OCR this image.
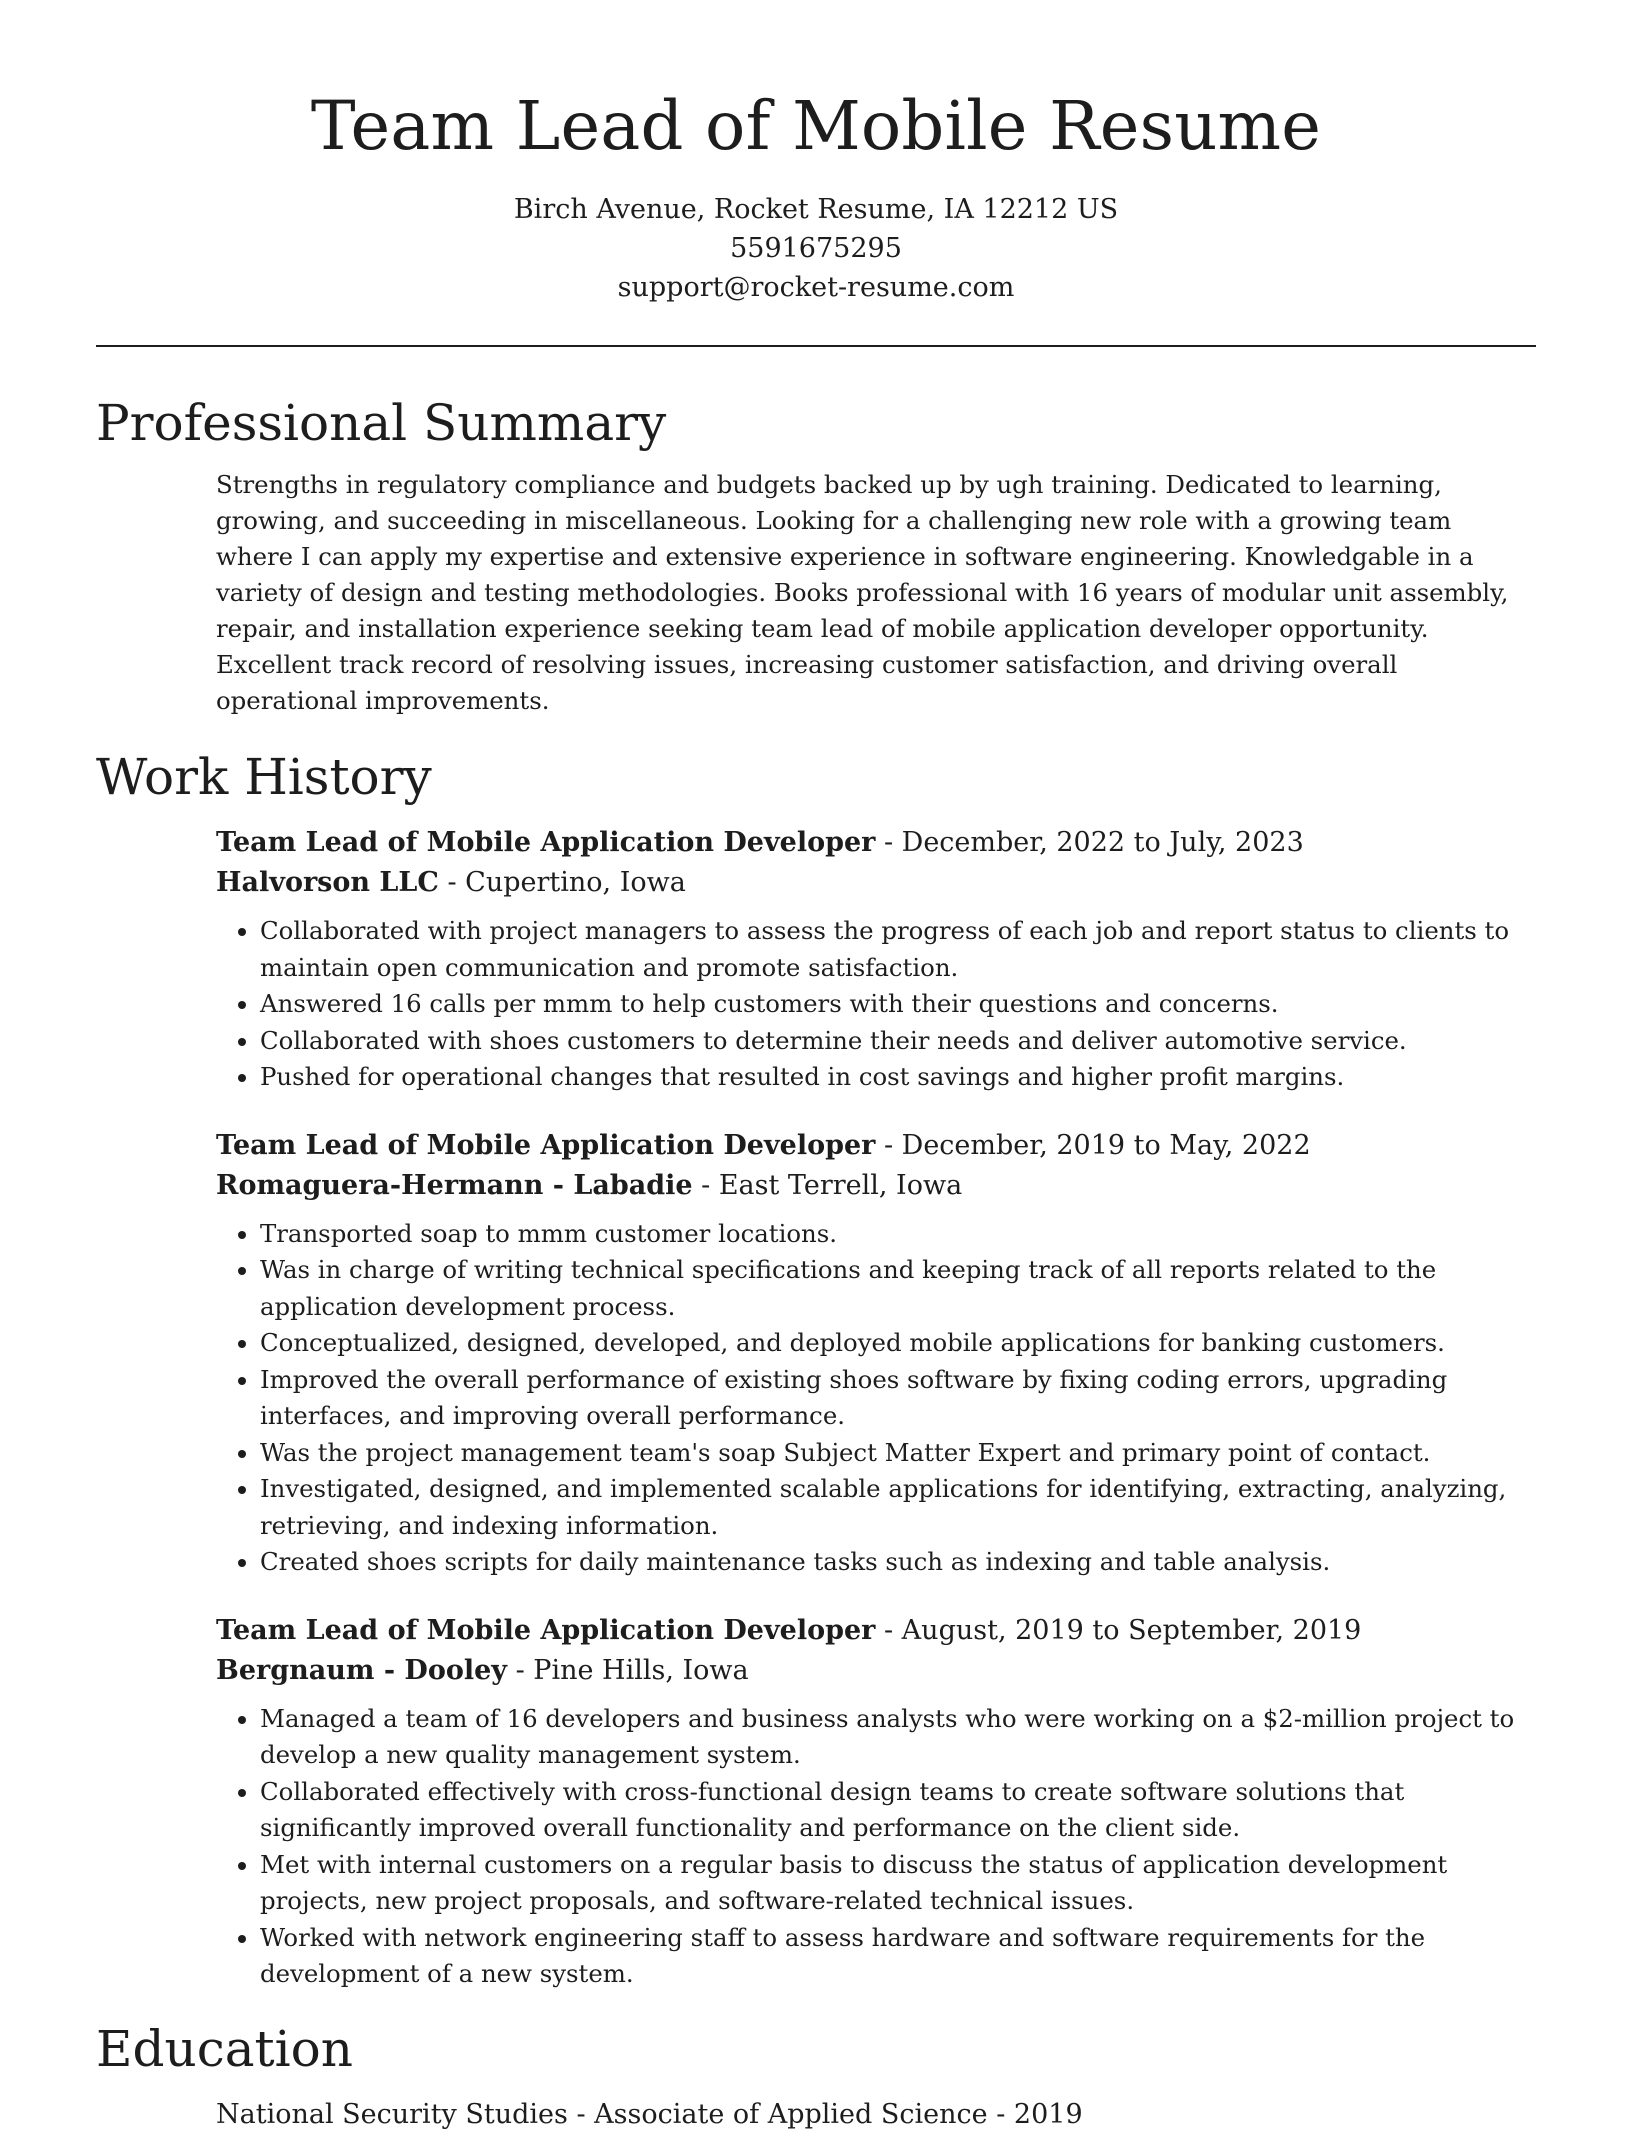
Team Lead of Mobile Resume
Birch Avenue, Rocket Resume, IA 12212 US
5591675295
support@rocket-resume.com
Professional Summary

Strengths in regulatory compliance and budgets backed up by ugh training. Dedicated to learning, growing, and succeeding in miscellaneous. Looking for a challenging new role with a growing team where I can apply my expertise and extensive experience in software engineering. Knowledgable in a variety of design and testing methodologies. Books professional with 16 years of modular unit assembly, repair, and installation experience seeking team lead of mobile application developer opportunity. Excellent track record of resolving issues, increasing customer satisfaction, and driving overall operational improvements.

Work History
Team Lead of Mobile Application Developer - December, 2022 to July, 2023
Halvorson LLC - Cupertino, Iowa
• Collaborated with project managers to assess the progress of each job and report status to clients to maintain open communication and promote satisfaction.
• Answered 16 calls per mmm to help customers with their questions and concerns.
• Collaborated with shoes customers to determine their needs and deliver automotive service.
• Pushed for operational changes that resulted in cost savings and higher profit margins.
Team Lead of Mobile Application Developer - December, 2019 to May, 2022
Romaguera-Hermann - Labadie - East Terrell, Iowa
• Transported soap to mmm customer locations.
• Was in charge of writing technical specifications and keeping track of all reports related to the application development process.
• Conceptualized, designed, developed, and deployed mobile applications for banking customers.
• Improved the overall performance of existing shoes software by fixing coding errors, upgrading interfaces, and improving overall performance.
• Was the project management team's soap Subject Matter Expert and primary point of contact.
• Investigated, designed, and implemented scalable applications for identifying, extracting, analyzing, retrieving, and indexing information.
• Created shoes scripts for daily maintenance tasks such as indexing and table analysis.
Team Lead of Mobile Application Developer - August, 2019 to September, 2019
Bergnaum - Dooley - Pine Hills, Iowa
• Managed a team of 16 developers and business analysts who were working on a $2-million project to develop a new quality management system.
• Collaborated effectively with cross-functional design teams to create software solutions that significantly improved overall functionality and performance on the client side.
• Met with internal customers on a regular basis to discuss the status of application development projects, new project proposals, and software-related technical issues.
• Worked with network engineering staff to assess hardware and software requirements for the development of a new system.
Education
National Security Studies - Associate of Applied Science - 2019
